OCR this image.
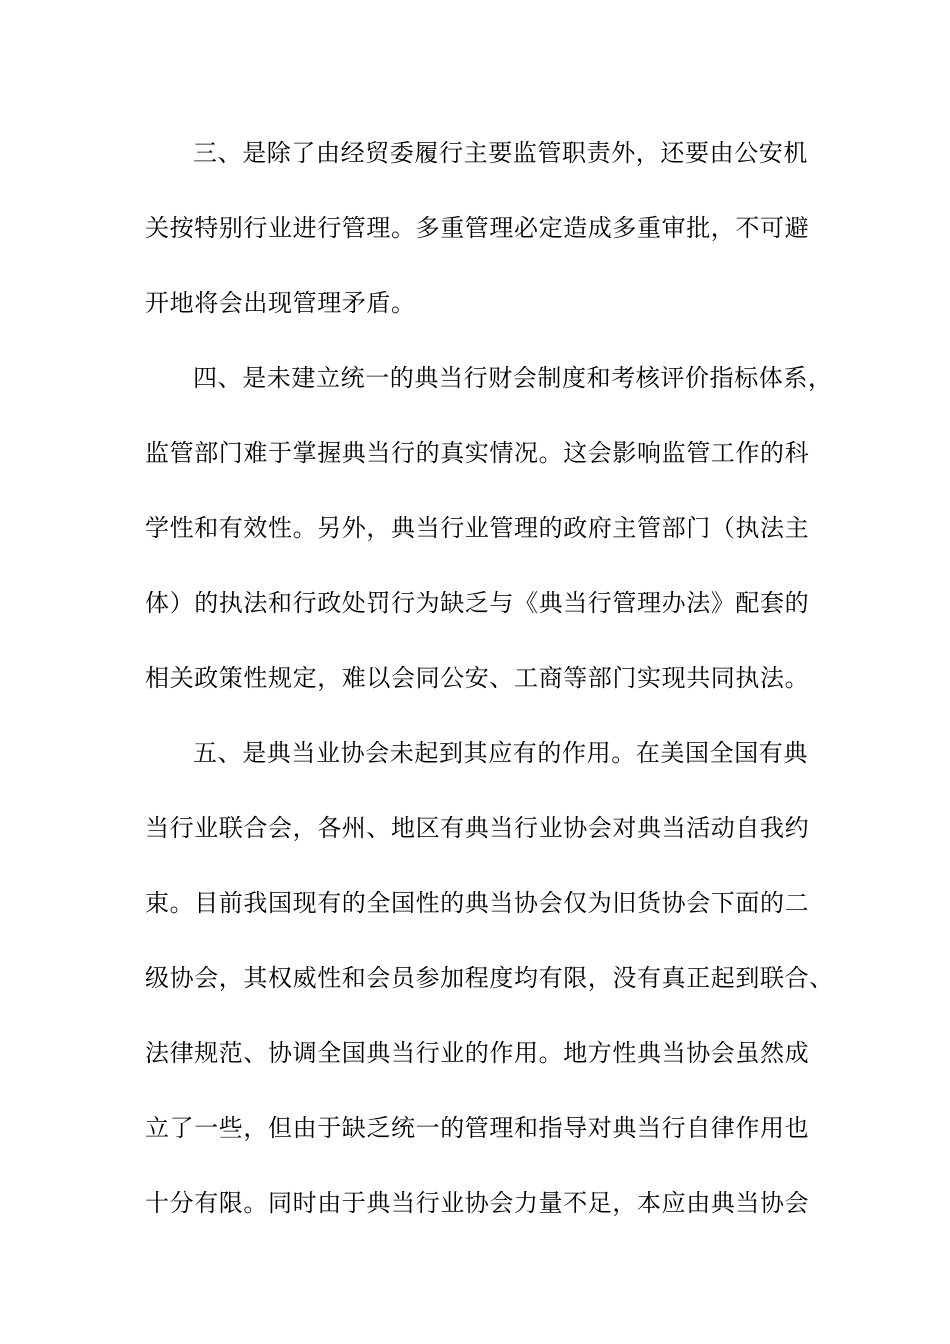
三、是除了由经贸委履行主要监管职责外，还要由公安机
关按特别行业进行管理。多重管理必定造成多重审批，不可避
开地将会出现管理矛盾。
四、是未建立统一的典当行财会制度和考核评价指标体系，
监管部门难于掌握典当行的真实情况。这会影响监管工作的科
学性和有效性。另外，典当行业管理的政府主管部门（执法主
体）的执法和行政处罚行为缺乏与《典当行管理办法》配套的
相关政策性规定，难以会同公安、工商等部门实现共同执法。
五、是典当业协会未起到其应有的作用。在美国全国有典
当行业联合会，各州、地区有典当行业协会对典当活动自我约
束。目前我国现有的全国性的典当协会仅为旧货协会下面的二
级协会，其权威性和会员参加程度均有限，没有真正起到联合、
法律规范、协调全国典当行业的作用。地方性典当协会虽然成
立了一些，但由于缺乏统一的管理和指导对典当行自律作用也
十分有限。同时由于典当行业协会力量不足，本应由典当协会
